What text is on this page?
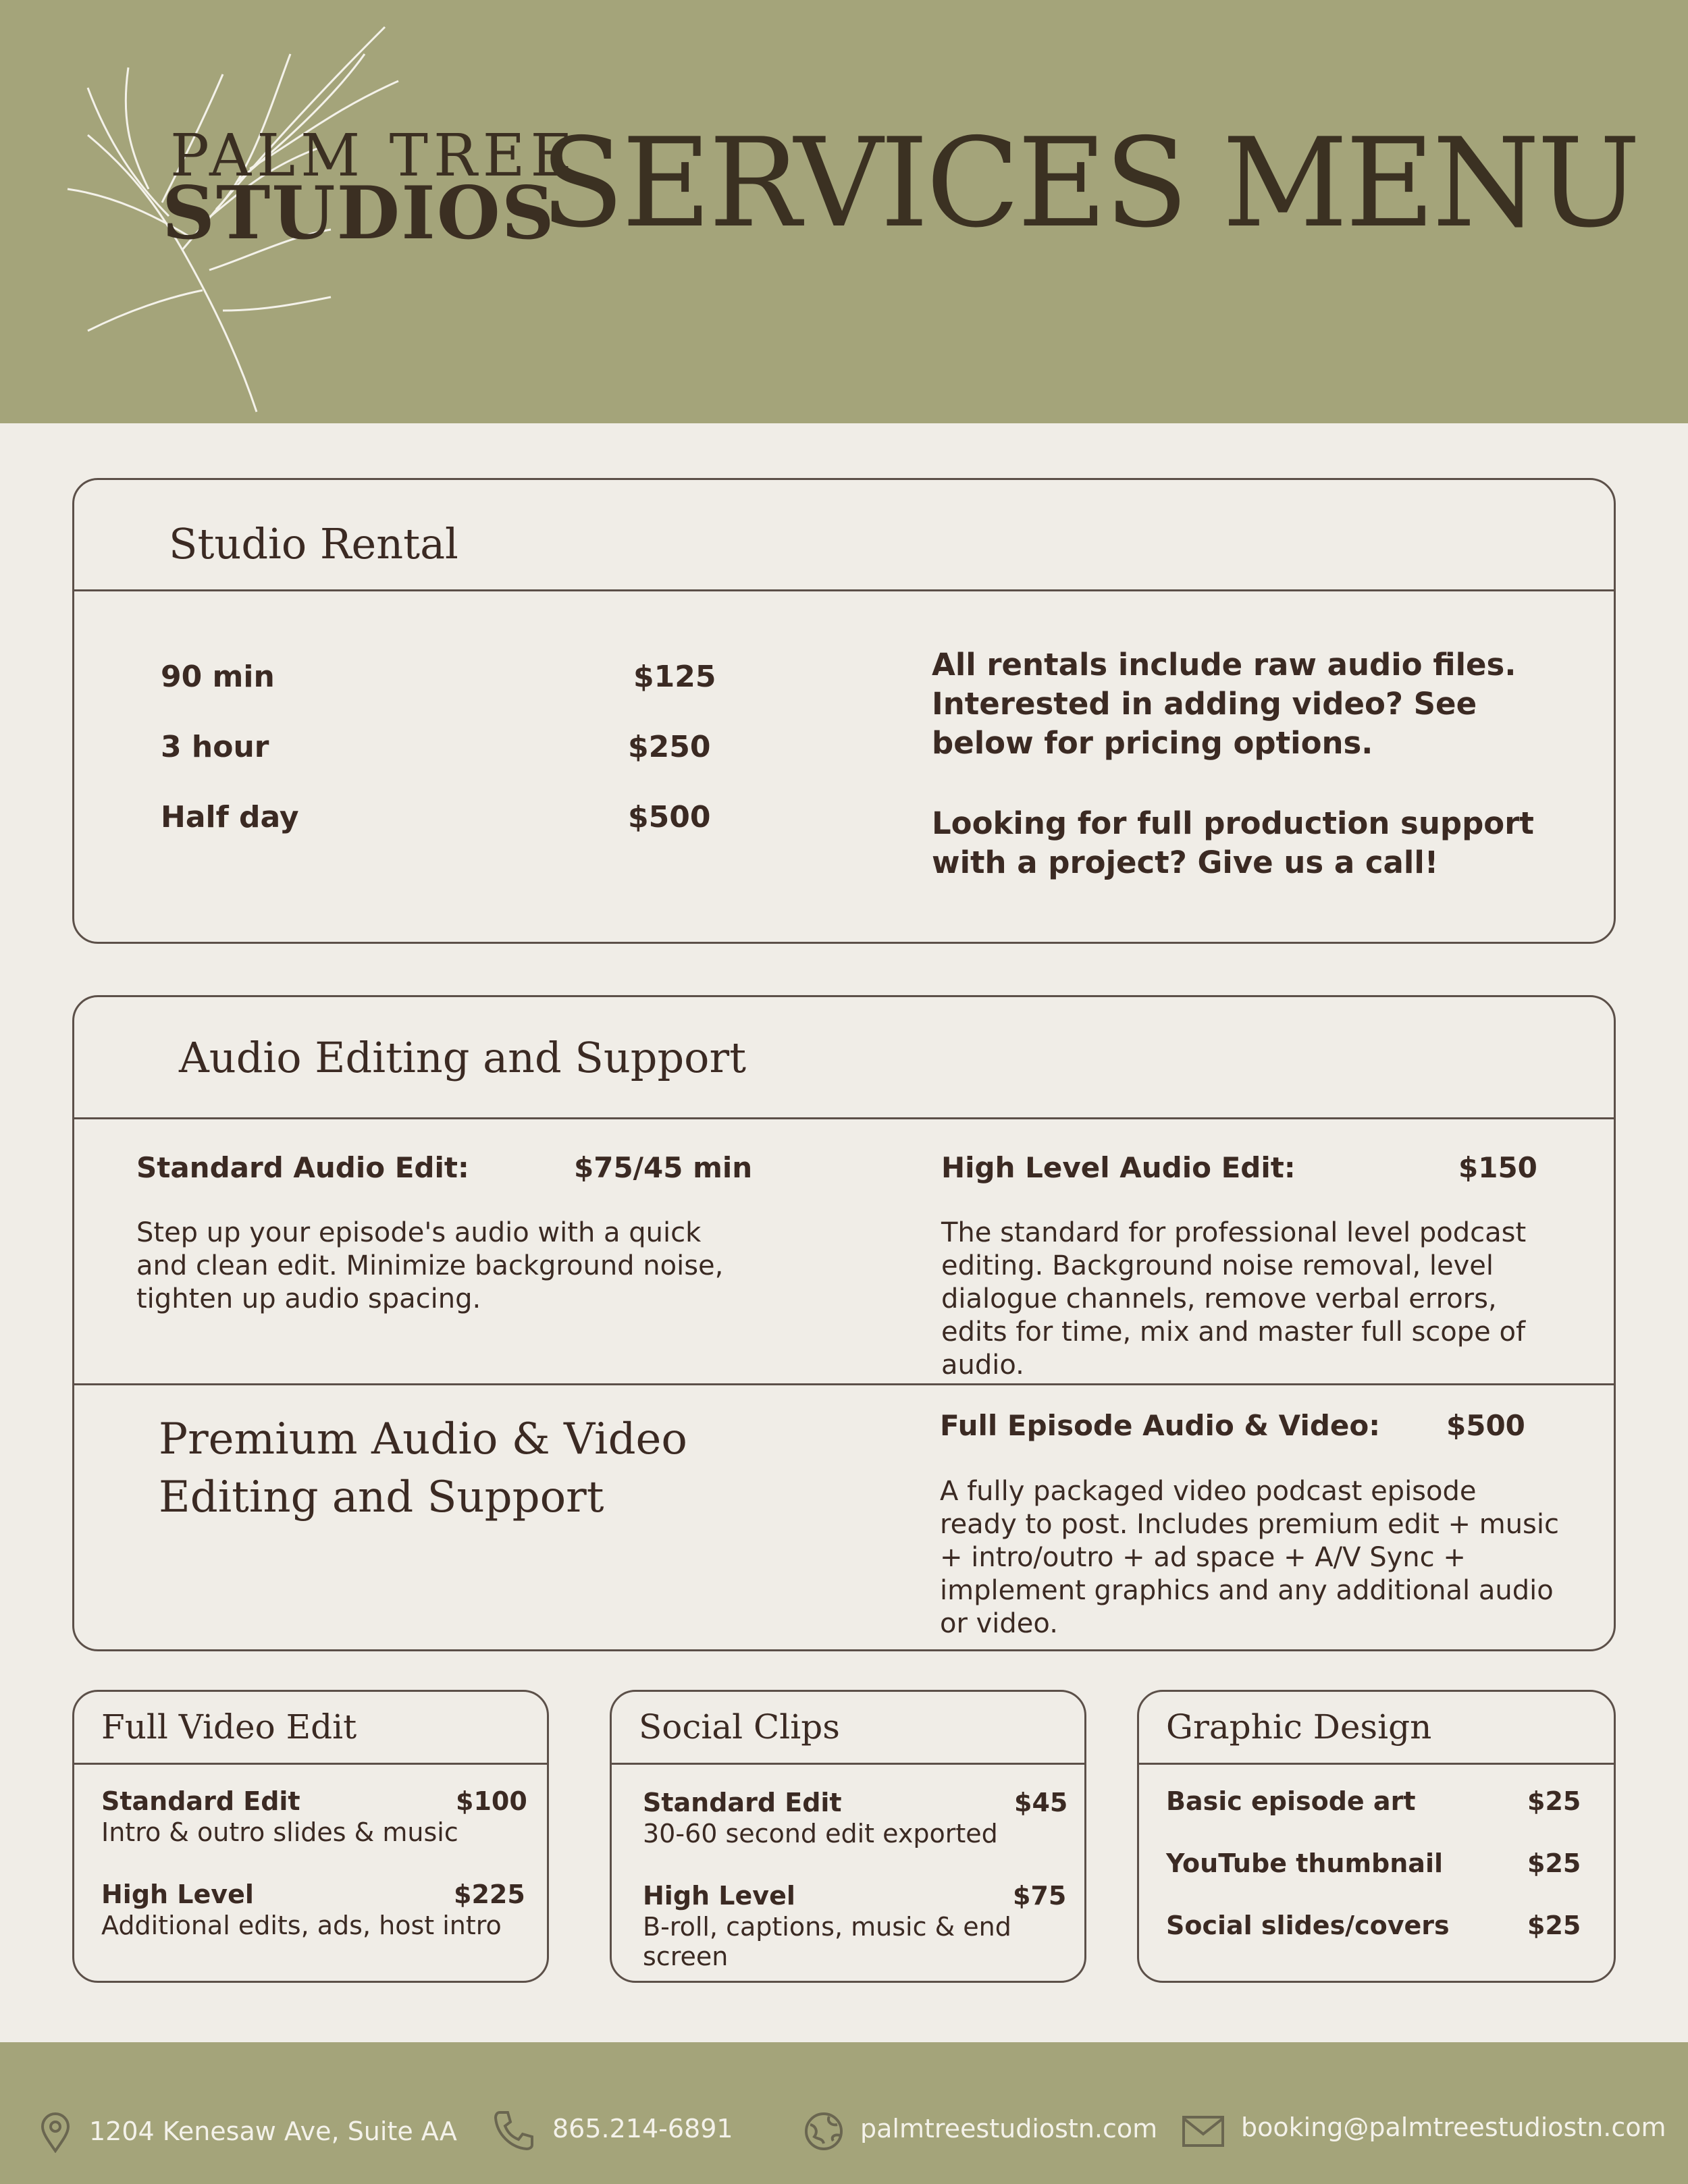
PALM TREE
STUDIOS
SERVICES MENU
Studio Rental
90 min	$125
3 hour	$250
Half day	$500
All rentals include raw audio files. Interested in adding video? See below for pricing options.
Looking for full production support with a project? Give us a call!
Audio Editing and Support
Standard Audio Edit:	$75/45 min
Step up your episode's audio with a quick and clean edit. Minimize background noise, tighten up audio spacing.
High Level Audio Edit:	$150
The standard for professional level podcast editing. Background noise removal, level dialogue channels, remove verbal errors, edits for time, mix and master full scope of audio.
Premium Audio & Video
Editing and Support
Full Episode Audio & Video: $500
A fully packaged video podcast episode ready to post. Includes premium edit + music + intro/outro + ad space + A/V Sync + implement graphics and any additional audio or video.
Full Video Edit
Standard Edit	$100
Intro & outro slides & music
High Level	$225
Additional edits, ads, host intro
Social Clips
Standard Edit	$45
30-60 second edit exported
High Level	$75
B-roll, captions, music & end screen
Graphic Design
Basic episode art	$25
YouTube thumbnail	$25
Social slides/covers	$25
1204 Kenesaw Ave, Suite AA	865.214-6891	palmtreestudiostn.com	booking@palmtreestudiostn.com
